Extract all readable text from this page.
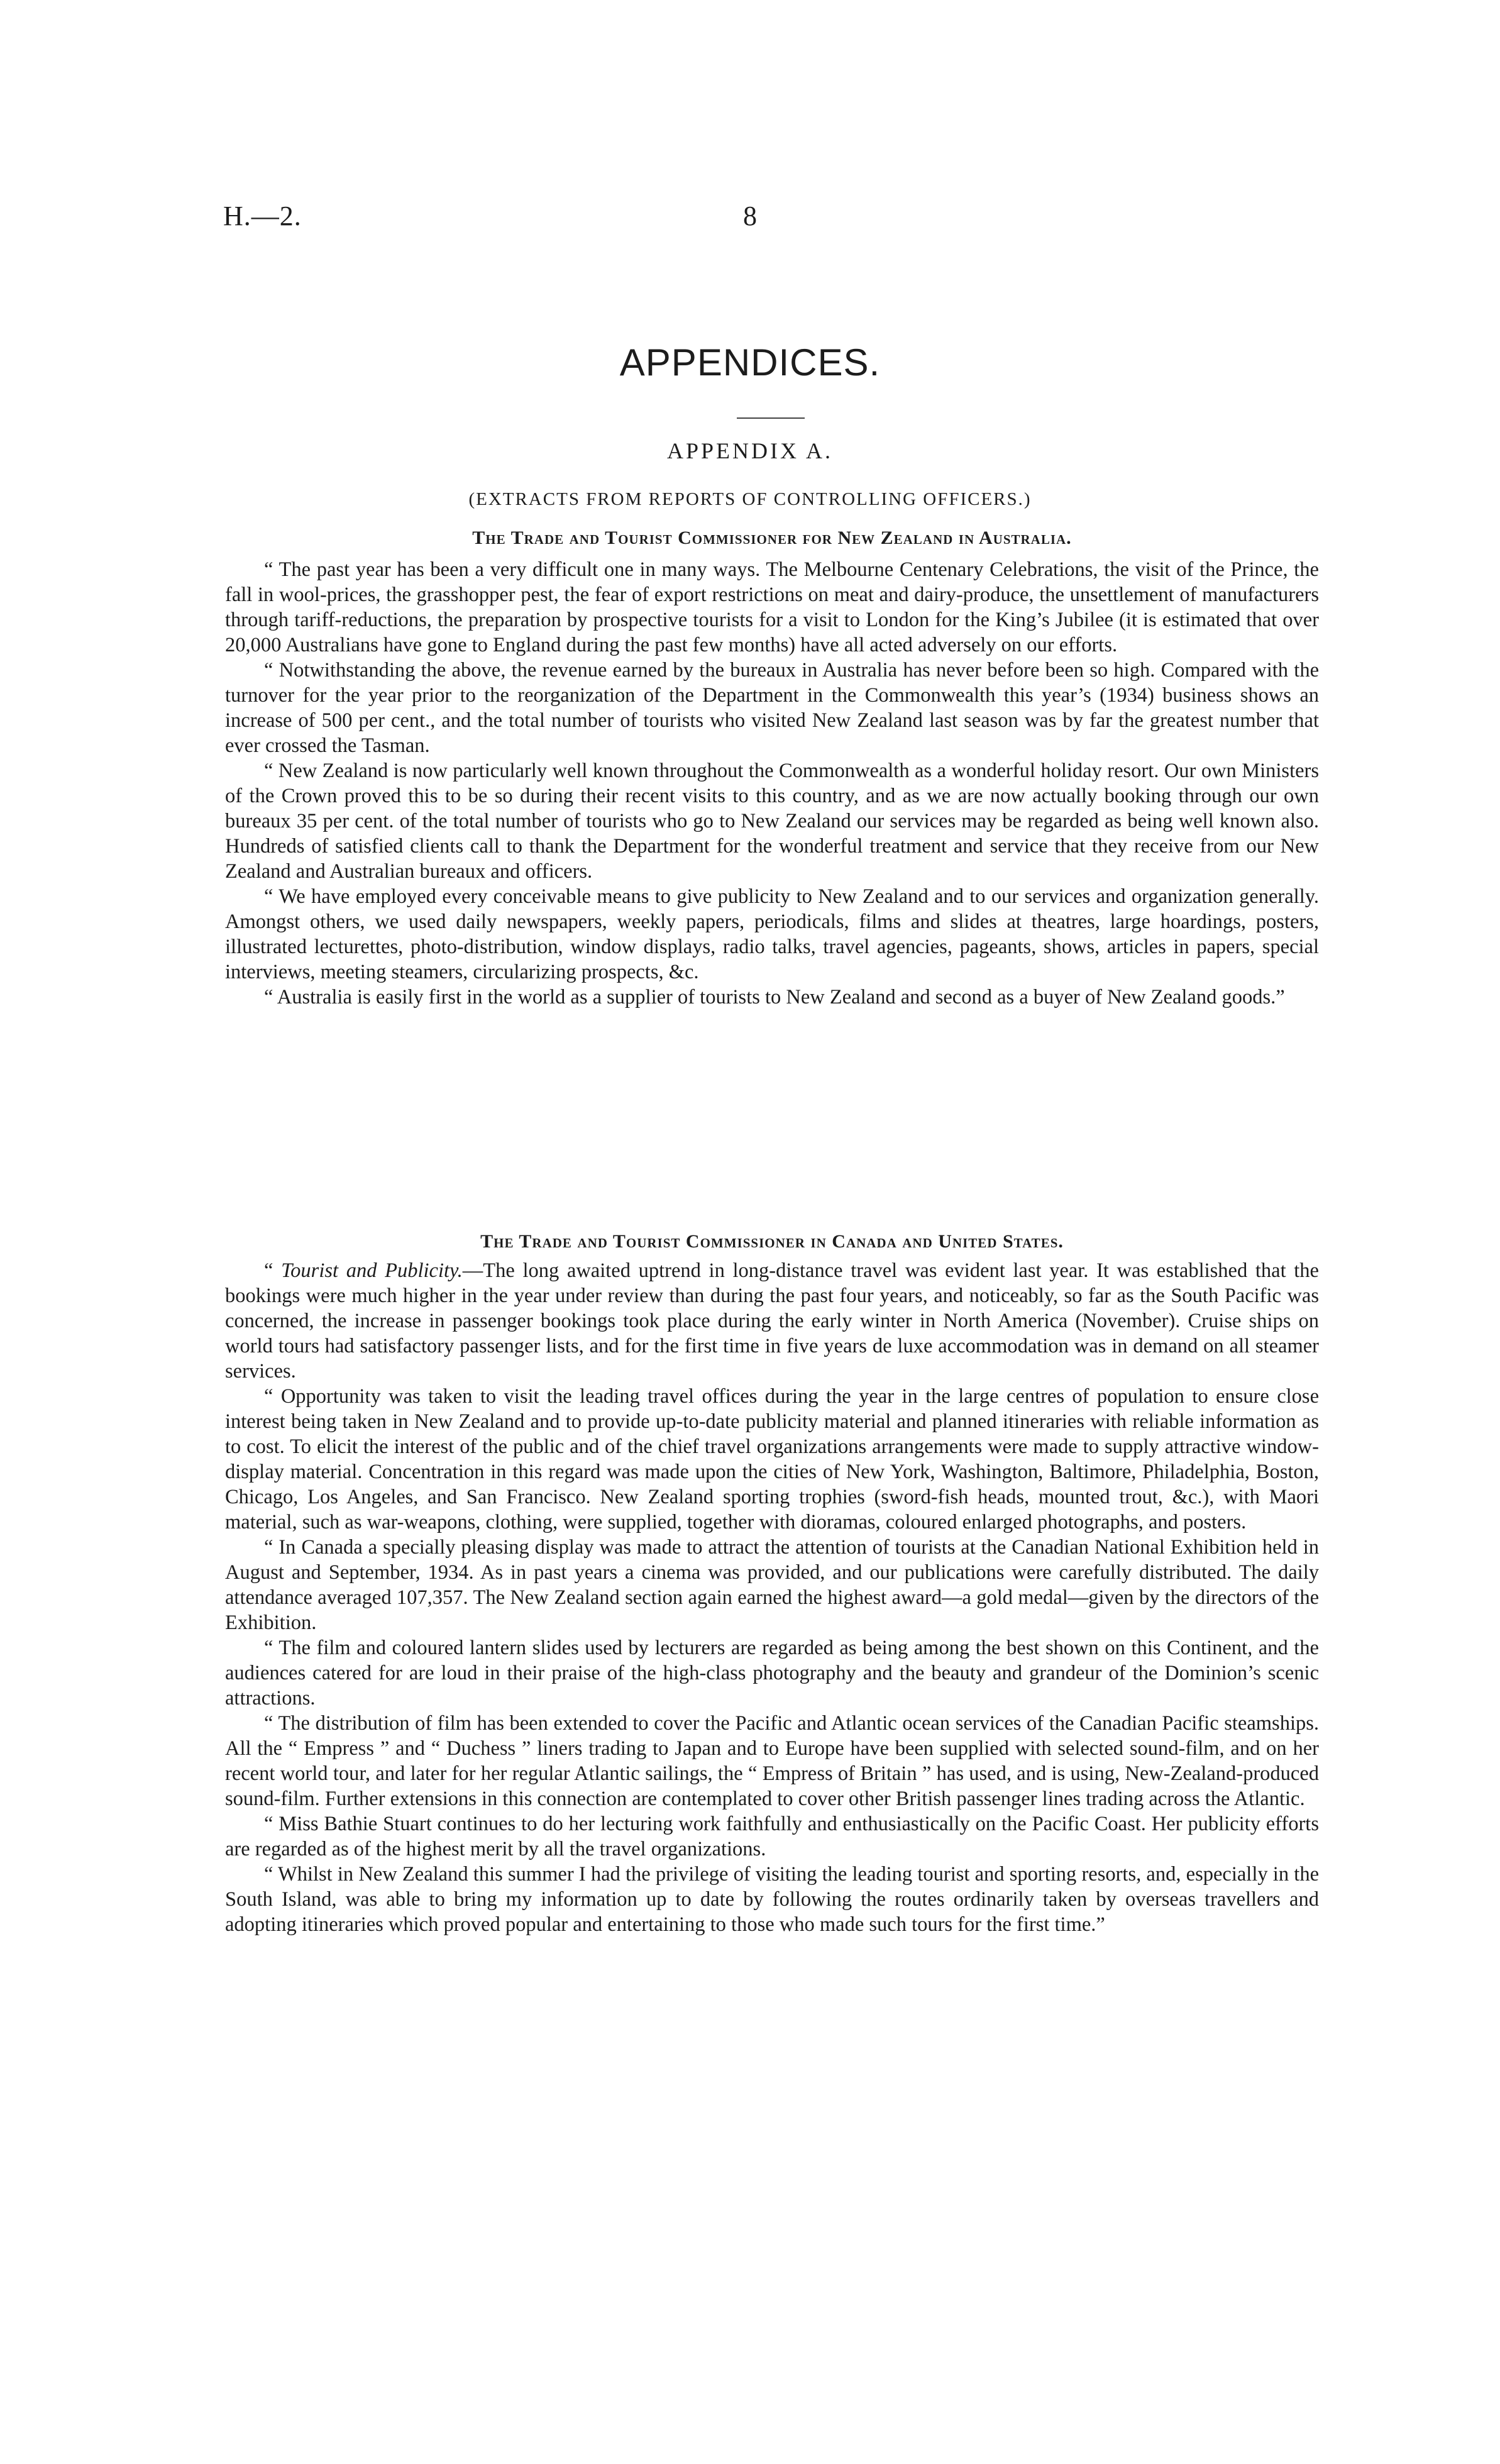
H.—2.	8
APPENDICES.
APPENDIX A.
(EXTRACTS FROM REPORTS OF CONTROLLING OFFICERS.)
The Trade and Tourist Commissioner for New Zealand in Australia.

“ The past year has been a very difficult one in many ways. The Melbourne Centenary Celebrations, the visit of the Prince, the fall in wool-prices, the grasshopper pest, the fear of export restrictions on meat and dairy-produce, the unsettlement of manufacturers through tariff-reductions, the preparation by prospective tourists for a visit to London for the King’s Jubilee (it is estimated that over 20,000 Australians have gone to England during the past few months) have all acted adversely on our efforts.

“ Notwithstanding the above, the revenue earned by the bureaux in Australia has never before been so high. Compared with the turnover for the year prior to the reorganization of the Department in the Commonwealth this year’s (1934) business shows an increase of 500 per cent., and the total number of tourists who visited New Zealand last season was by far the greatest number that ever crossed the Tasman.

“ New Zealand is now particularly well known throughout the Commonwealth as a wonderful holiday resort. Our own Ministers of the Crown proved this to be so during their recent visits to this country, and as we are now actually booking through our own bureaux 35 per cent. of the total number of tourists who go to New Zealand our services may be regarded as being well known also. Hundreds of satisfied clients call to thank the Department for the wonderful treatment and service that they receive from our New Zealand and Australian bureaux and officers.

“ We have employed every conceivable means to give publicity to New Zealand and to our services and organization generally. Amongst others, we used daily newspapers, weekly papers, periodicals, films and slides at theatres, large hoardings, posters, illustrated lecturettes, photo-distribution, window displays, radio talks, travel agencies, pageants, shows, articles in papers, special interviews, meeting steamers, circularizing prospects, &c.

“ Australia is easily first in the world as a supplier of tourists to New Zealand and second as a buyer of New Zealand goods.”

The Trade and Tourist Commissioner in Canada and United States.

“ Tourist and Publicity.—The long awaited uptrend in long-distance travel was evident last year. It was established that the bookings were much higher in the year under review than during the past four years, and noticeably, so far as the South Pacific was concerned, the increase in passenger bookings took place during the early winter in North America (November). Cruise ships on world tours had satisfactory passenger lists, and for the first time in five years de luxe accommodation was in demand on all steamer services.

“ Opportunity was taken to visit the leading travel offices during the year in the large centres of population to ensure close interest being taken in New Zealand and to provide up-to-date publicity material and planned itineraries with reliable information as to cost. To elicit the interest of the public and of the chief travel organizations arrangements were made to supply attractive window-display material. Concentration in this regard was made upon the cities of New York, Washington, Baltimore, Philadelphia, Boston, Chicago, Los Angeles, and San Francisco. New Zealand sporting trophies (sword-fish heads, mounted trout, &c.), with Maori material, such as war-weapons, clothing, were supplied, together with dioramas, coloured enlarged photographs, and posters.

“ In Canada a specially pleasing display was made to attract the attention of tourists at the Canadian National Exhibition held in August and September, 1934. As in past years a cinema was provided, and our publications were carefully distributed. The daily attendance averaged 107,357. The New Zealand section again earned the highest award—a gold medal—given by the directors of the Exhibition.

“ The film and coloured lantern slides used by lecturers are regarded as being among the best shown on this Continent, and the audiences catered for are loud in their praise of the high-class photography and the beauty and grandeur of the Dominion’s scenic attractions.

“ The distribution of film has been extended to cover the Pacific and Atlantic ocean services of the Canadian Pacific steamships. All the “ Empress ” and “ Duchess ” liners trading to Japan and to Europe have been supplied with selected sound-film, and on her recent world tour, and later for her regular Atlantic sailings, the “ Empress of Britain ” has used, and is using, New-Zealand-produced sound-film. Further extensions in this connection are contemplated to cover other British passenger lines trading across the Atlantic.

“ Miss Bathie Stuart continues to do her lecturing work faithfully and enthusiastically on the Pacific Coast. Her publicity efforts are regarded as of the highest merit by all the travel organizations.

“ Whilst in New Zealand this summer I had the privilege of visiting the leading tourist and sporting resorts, and, especially in the South Island, was able to bring my information up to date by following the routes ordinarily taken by overseas travellers and adopting itineraries which proved popular and entertaining to those who made such tours for the first time.”
